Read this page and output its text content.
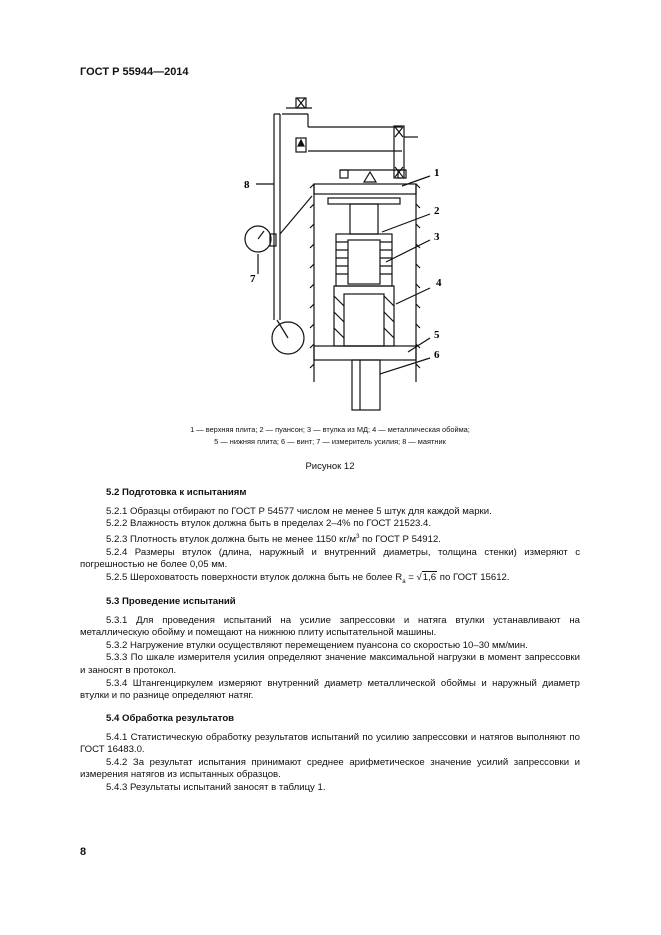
ГОСТ Р 55944—2014
1
2
3
4
5
6
7
8
1 — верхняя плита; 2 — пуансон; 3 — втулка из МД; 4 — металлическая обойма;
5 — нижняя плита; 6 — винт; 7 — измеритель усилия; 8 — маятник
Рисунок 12
5.2 Подготовка к испытаниям

5.2.1 Образцы отбирают по ГОСТ Р 54577 числом не менее 5 штук для каждой марки.

5.2.2 Влажность втулок должна быть в пределах 2–4% по ГОСТ 21523.4.

5.2.3 Плотность втулок должна быть не менее 1150 $кг/м^3$ по ГОСТ Р 54912.

5.2.4 Размеры втулок (длина, наружный и внутренний диаметры, толщина стенки) измеряют с погрешностью не более 0,05 мм.

5.2.5 Шероховатость поверхности втулок должна быть не более $R_a = √1,6$ по ГОСТ 15612.

5.3 Проведение испытаний

5.3.1 Для проведения испытаний на усилие запрессовки и натяга втулки устанавливают на металлическую обойму и помещают на нижнюю плиту испытательной машины.

5.3.2 Нагружение втулки осуществляют перемещением пуансона со скоростью 10–30 мм/мин.

5.3.3 По шкале измерителя усилия определяют значение максимальной нагрузки в момент запрессовки и заносят в протокол.

5.3.4 Штангенциркулем измеряют внутренний диаметр металлической обоймы и наружный диаметр втулки и по разнице определяют натяг.

5.4 Обработка результатов

5.4.1 Статистическую обработку результатов испытаний по усилию запрессовки и натягов выполняют по ГОСТ 16483.0.

5.4.2 За результат испытания принимают среднее арифметическое значение усилий запрессовки и измерения натягов из испытанных образцов.

5.4.3 Результаты испытаний заносят в таблицу 1.

8
